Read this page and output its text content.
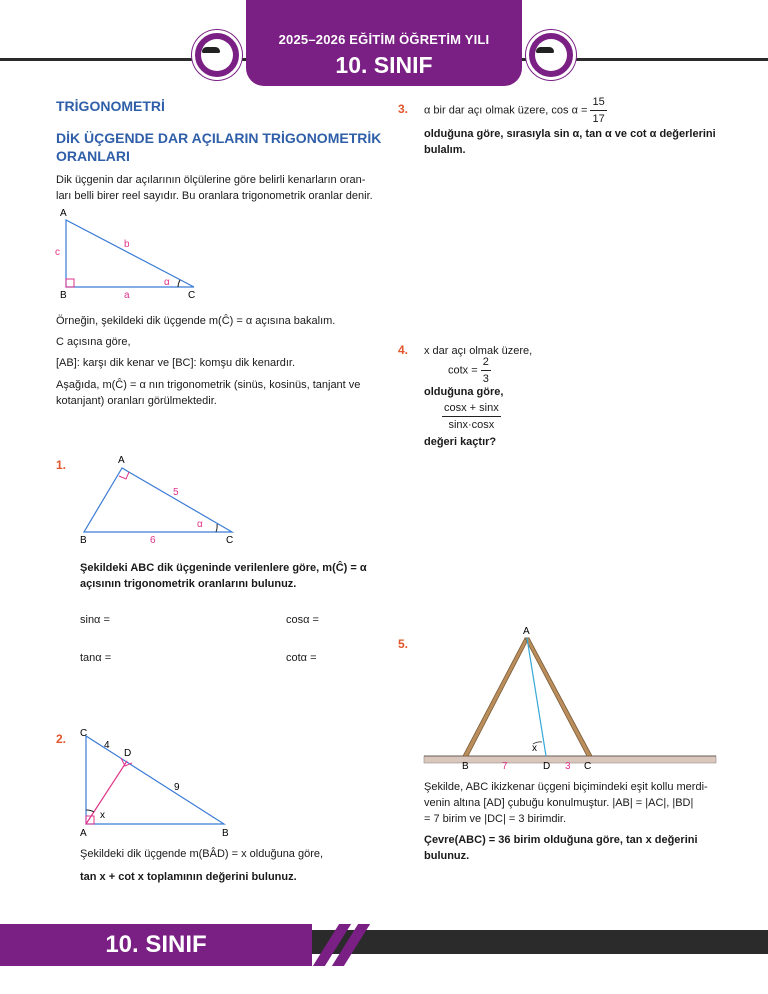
2025–2026 EĞİTİM ÖĞRETİM YILI
10. SINIF
TRİGONOMETRİ
DİK ÜÇGENDE DAR AÇILARIN TRİGONOMETRİK
ORANLARI
Dik üçgenin dar açılarının ölçülerine göre belirli kenarların oran-
ları belli birer reel sayıdır. Bu oranlara trigonometrik oranlar denir.
A
B	C
a
b
c
α
Örneğin, şekildeki dik üçgende m(Ĉ) = α açısına bakalım.
C açısına göre,
[AB]: karşı dik kenar ve [BC]: komşu dik kenardır.
Aşağıda, m(Ĉ) = α nın trigonometrik (sinüs, kosinüs, tanjant ve
kotanjant) oranları görülmektedir.
1.	A
B	C
5
6
α
Şekildeki ABC dik üçgeninde verilenlere göre, m(Ĉ) = α
açısının trigonometrik oranlarını bulunuz.
sinα =	cosα =
tanα =	cotα =
2. C
A	B
D
4
9
x
Şekildeki dik üçgende m(BÂD) = x olduğuna göre,
tan x + cot x toplamının değerini bulunuz.
3. α bir dar açı olmak üzere, $\cos \alpha = \frac{15}{17}$
olduğuna göre, sırasıyla sin α, tan α ve cot α değerlerini
bulalım.
4. x dar açı olmak üzere,
$\cot x = \frac{2}{3}$
olduğuna göre,
$\frac{\cos x + \sin x}{\sin x\cdot\cos x}$
değeri kaçtır?
5.
A
B	D	C
7	3
x
Şekilde, ABC ikizkenar üçgeni biçimindeki eşit kollu merdi-
venin altına [AD] çubuğu konulmuştur. |AB| = |AC|, |BD|
= 7 birim ve |DC| = 3 birimdir.
Çevre(ABC) = 36 birim olduğuna göre, tan x değerini
bulunuz.
10. SINIF
